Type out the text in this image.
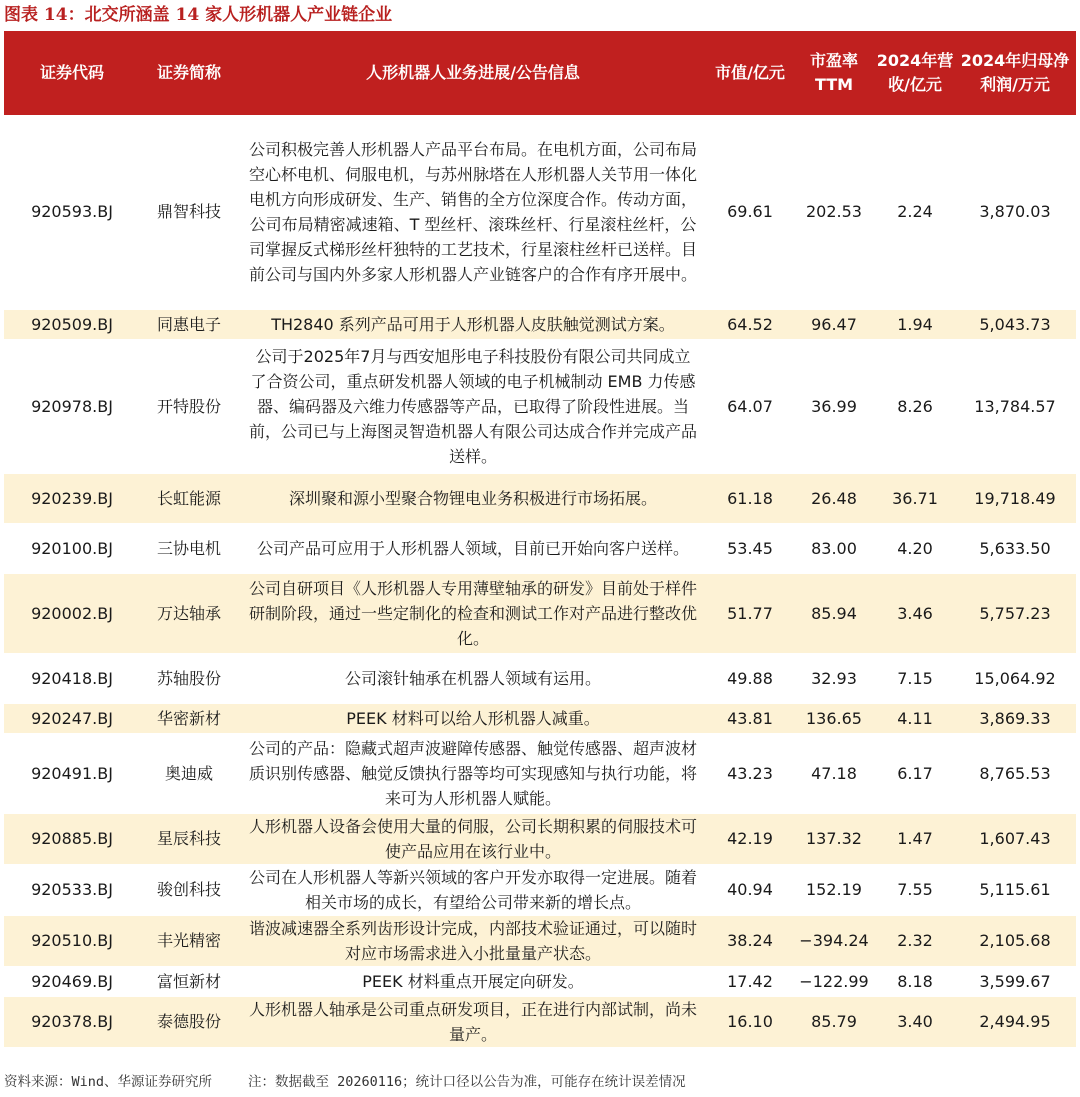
图表 14：北交所涵盖 14 家人形机器人产业链企业
证券代码	证券简称	人形机器人业务进展/公告信息	市值/亿元	市盈率TTM	2024年营收/亿元	2024年归母净利润/万元
920593.BJ	鼎智科技	公司积极完善人形机器人产品平台布局。在电机方面，公司布局空心杯电机、伺服电机，与苏州脉塔在人形机器人关节用一体化电机方向形成研发、生产、销售的全方位深度合作。传动方面，公司布局精密减速箱、T 型丝杆、滚珠丝杆、行星滚柱丝杆，公司掌握反式梯形丝杆独特的工艺技术，行星滚柱丝杆已送样。目前公司与国内外多家人形机器人产业链客户的合作有序开展中。	69.61	202.53	2.24	3,870.03
920509.BJ	同惠电子	TH2840 系列产品可用于人形机器人皮肤触觉测试方案。	64.52	96.47	1.94	5,043.73
920978.BJ	开特股份	公司于2025年7月与西安旭彤电子科技股份有限公司共同成立了合资公司，重点研发机器人领域的电子机械制动 EMB 力传感器、编码器及六维力传感器等产品，已取得了阶段性进展。当前，公司已与上海图灵智造机器人有限公司达成合作并完成产品送样。	64.07	36.99	8.26	13,784.57
920239.BJ	长虹能源	深圳聚和源小型聚合物锂电业务积极进行市场拓展。	61.18	26.48	36.71	19,718.49
920100.BJ	三协电机	公司产品可应用于人形机器人领域，目前已开始向客户送样。	53.45	83.00	4.20	5,633.50
920002.BJ	万达轴承	公司自研项目《人形机器人专用薄壁轴承的研发》目前处于样件研制阶段，通过一些定制化的检查和测试工作对产品进行整改优化。	51.77	85.94	3.46	5,757.23
920418.BJ	苏轴股份	公司滚针轴承在机器人领域有运用。	49.88	32.93	7.15	15,064.92
920247.BJ	华密新材	PEEK 材料可以给人形机器人减重。	43.81	136.65	4.11	3,869.33
920491.BJ	奥迪威	公司的产品：隐藏式超声波避障传感器、触觉传感器、超声波材质识别传感器、触觉反馈执行器等均可实现感知与执行功能，将来可为人形机器人赋能。	43.23	47.18	6.17	8,765.53
920885.BJ	星辰科技	人形机器人设备会使用大量的伺服，公司长期积累的伺服技术可使产品应用在该行业中。	42.19	137.32	1.47	1,607.43
920533.BJ	骏创科技	公司在人形机器人等新兴领域的客户开发亦取得一定进展。随着相关市场的成长，有望给公司带来新的增长点。	40.94	152.19	7.55	5,115.61
920510.BJ	丰光精密	谐波减速器全系列齿形设计完成，内部技术验证通过，可以随时对应市场需求进入小批量量产状态。	38.24	−394.24	2.32	2,105.68
920469.BJ	富恒新材	PEEK 材料重点开展定向研发。	17.42	−122.99	8.18	3,599.67
920378.BJ	泰德股份	人形机器人轴承是公司重点研发项目，正在进行内部试制，尚未量产。	16.10	85.79	3.40	2,494.95
资料来源：Wind、华源证券研究所	注：数据截至 20260116；统计口径以公告为准，可能存在统计误差情况
